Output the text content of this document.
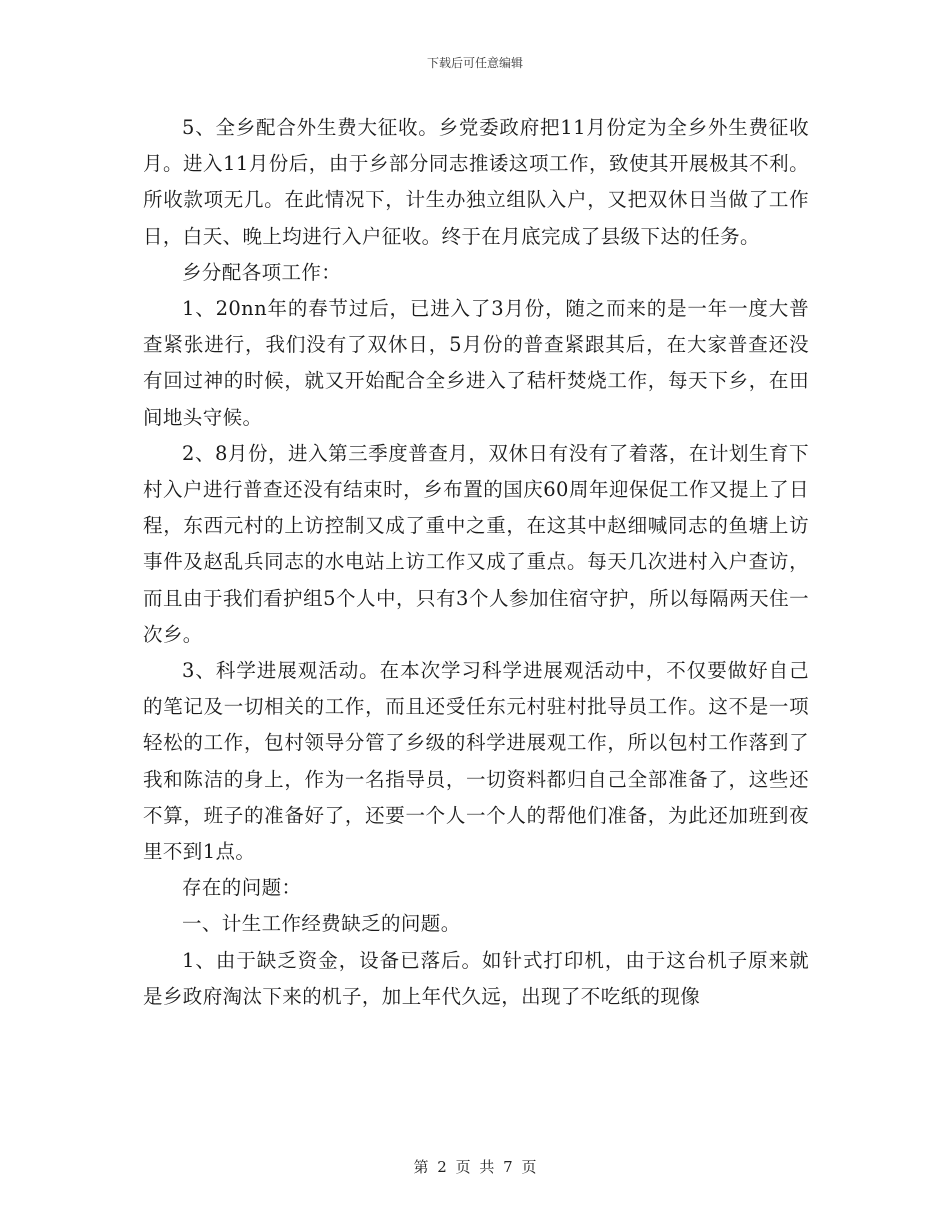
下载后可任意编辑

5、全乡配合外生费大征收。乡党委政府把11月份定为全乡外生费征收月。进入11月份后，由于乡部分同志推诿这项工作，致使其开展极其不利。所收款项无几。在此情况下，计生办独立组队入户，又把双休日当做了工作日，白天、晚上均进行入户征收。终于在月底完成了县级下达的任务。

乡分配各项工作：

1、20nn年的春节过后，已进入了3月份，随之而来的是一年一度大普查紧张进行，我们没有了双休日，5月份的普查紧跟其后，在大家普查还没有回过神的时候，就又开始配合全乡进入了秸杆焚烧工作，每天下乡，在田间地头守候。

2、8月份，进入第三季度普查月，双休日有没有了着落，在计划生育下村入户进行普查还没有结束时，乡布置的国庆60周年迎保促工作又提上了日程，东西元村的上访控制又成了重中之重，在这其中赵细喊同志的鱼塘上访事件及赵乱兵同志的水电站上访工作又成了重点。每天几次进村入户查访，而且由于我们看护组5个人中，只有3个人参加住宿守护，所以每隔两天住一次乡。

3、科学进展观活动。在本次学习科学进展观活动中，不仅要做好自己的笔记及一切相关的工作，而且还受任东元村驻村批导员工作。这不是一项轻松的工作，包村领导分管了乡级的科学进展观工作，所以包村工作落到了我和陈洁的身上，作为一名指导员，一切资料都归自己全部准备了，这些还不算，班子的准备好了，还要一个人一个人的帮他们准备，为此还加班到夜里不到1点。

存在的问题：

一、计生工作经费缺乏的问题。

1、由于缺乏资金，设备已落后。如针式打印机，由于这台机子原来就是乡政府淘汰下来的机子，加上年代久远，出现了不吃纸的现像

第 2 页 共 7 页
